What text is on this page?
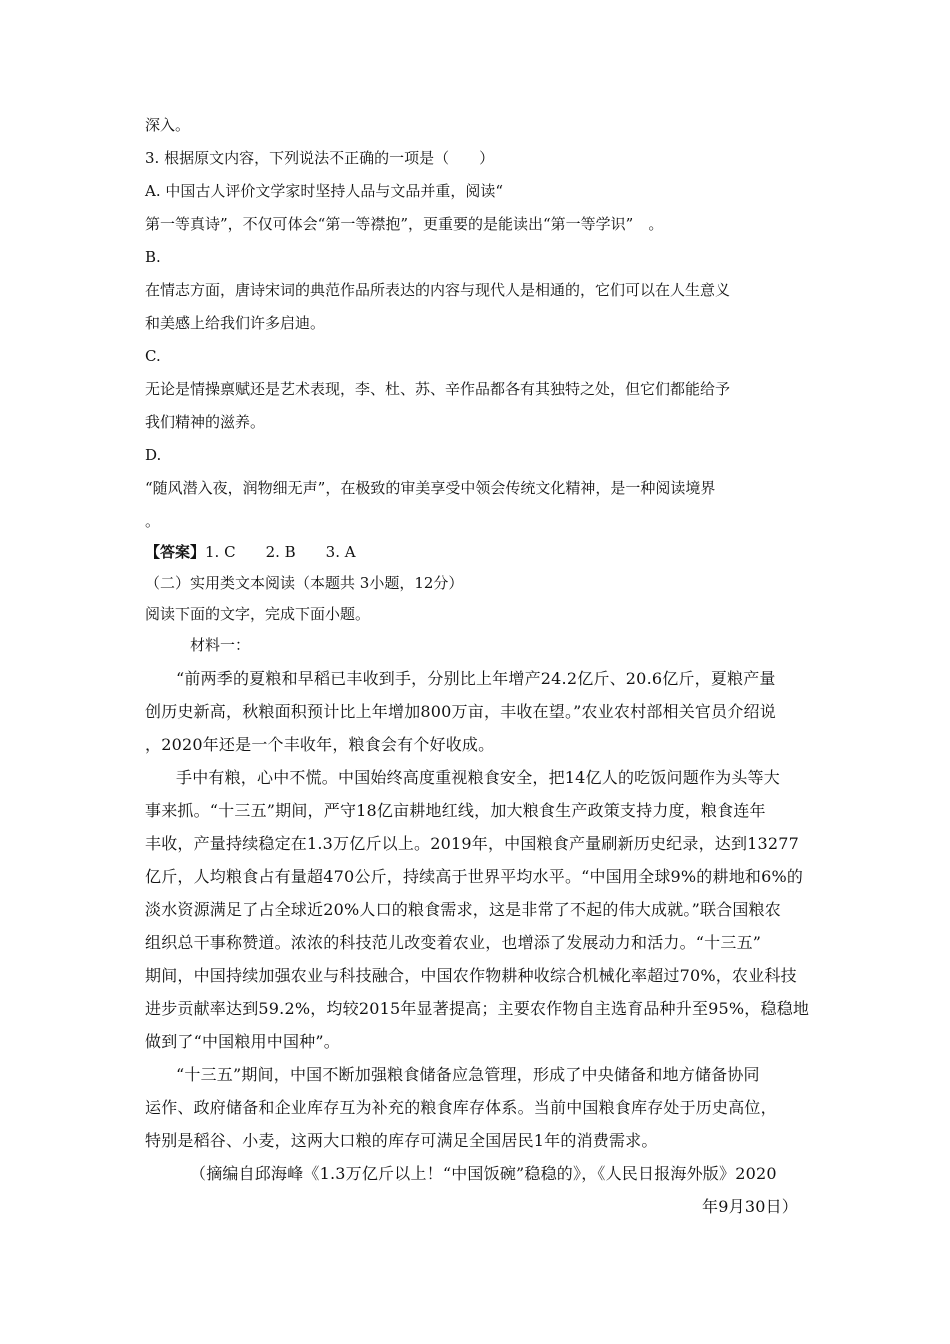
深入。
3. 根据原文内容，下列说法不正确的一项是（　　）
A. 中国古人评价文学家时坚持人品与文品并重，阅读“
第一等真诗”，不仅可体会“第一等襟抱”，更重要的是能读出“第一等学识”　。
B.
在情志方面，唐诗宋词的典范作品所表达的内容与现代人是相通的，它们可以在人生意义
和美感上给我们许多启迪。
C.
无论是情操禀赋还是艺术表现，李、杜、苏、辛作品都各有其独特之处，但它们都能给予
我们精神的滋养。
D.
“随风潜入夜，润物细无声”，在极致的审美享受中领会传统文化精神，是一种阅读境界
。
【答案】1. C　　2. B　　3. A
（二）实用类文本阅读（本题共 3小题，12分）
阅读下面的文字，完成下面小题。
材料一：
“前两季的夏粮和早稻已丰收到手，分别比上年增产24.2亿斤、20.6亿斤，夏粮产量
创历史新高，秋粮面积预计比上年增加800万亩，丰收在望。”农业农村部相关官员介绍说
，2020年还是一个丰收年，粮食会有个好收成。
手中有粮，心中不慌。中国始终高度重视粮食安全，把14亿人的吃饭问题作为头等大
事来抓。“十三五”期间，严守18亿亩耕地红线，加大粮食生产政策支持力度，粮食连年
丰收，产量持续稳定在1.3万亿斤以上。2019年，中国粮食产量刷新历史纪录，达到13277
亿斤，人均粮食占有量超470公斤，持续高于世界平均水平。“中国用全球9%的耕地和6%的
淡水资源满足了占全球近20%人口的粮食需求，这是非常了不起的伟大成就。”联合国粮农
组织总干事称赞道。浓浓的科技范儿改变着农业，也增添了发展动力和活力。“十三五”
期间，中国持续加强农业与科技融合，中国农作物耕种收综合机械化率超过70%，农业科技
进步贡献率达到59.2%，均较2015年显著提高；主要农作物自主选育品种升至95%，稳稳地
做到了“中国粮用中国种”。
“十三五”期间，中国不断加强粮食储备应急管理，形成了中央储备和地方储备协同
运作、政府储备和企业库存互为补充的粮食库存体系。当前中国粮食库存处于历史高位，
特别是稻谷、小麦，这两大口粮的库存可满足全国居民1年的消费需求。
（摘编自邱海峰《1.3万亿斤以上！“中国饭碗”稳稳的》，《人民日报海外版》2020
年9月30日）
